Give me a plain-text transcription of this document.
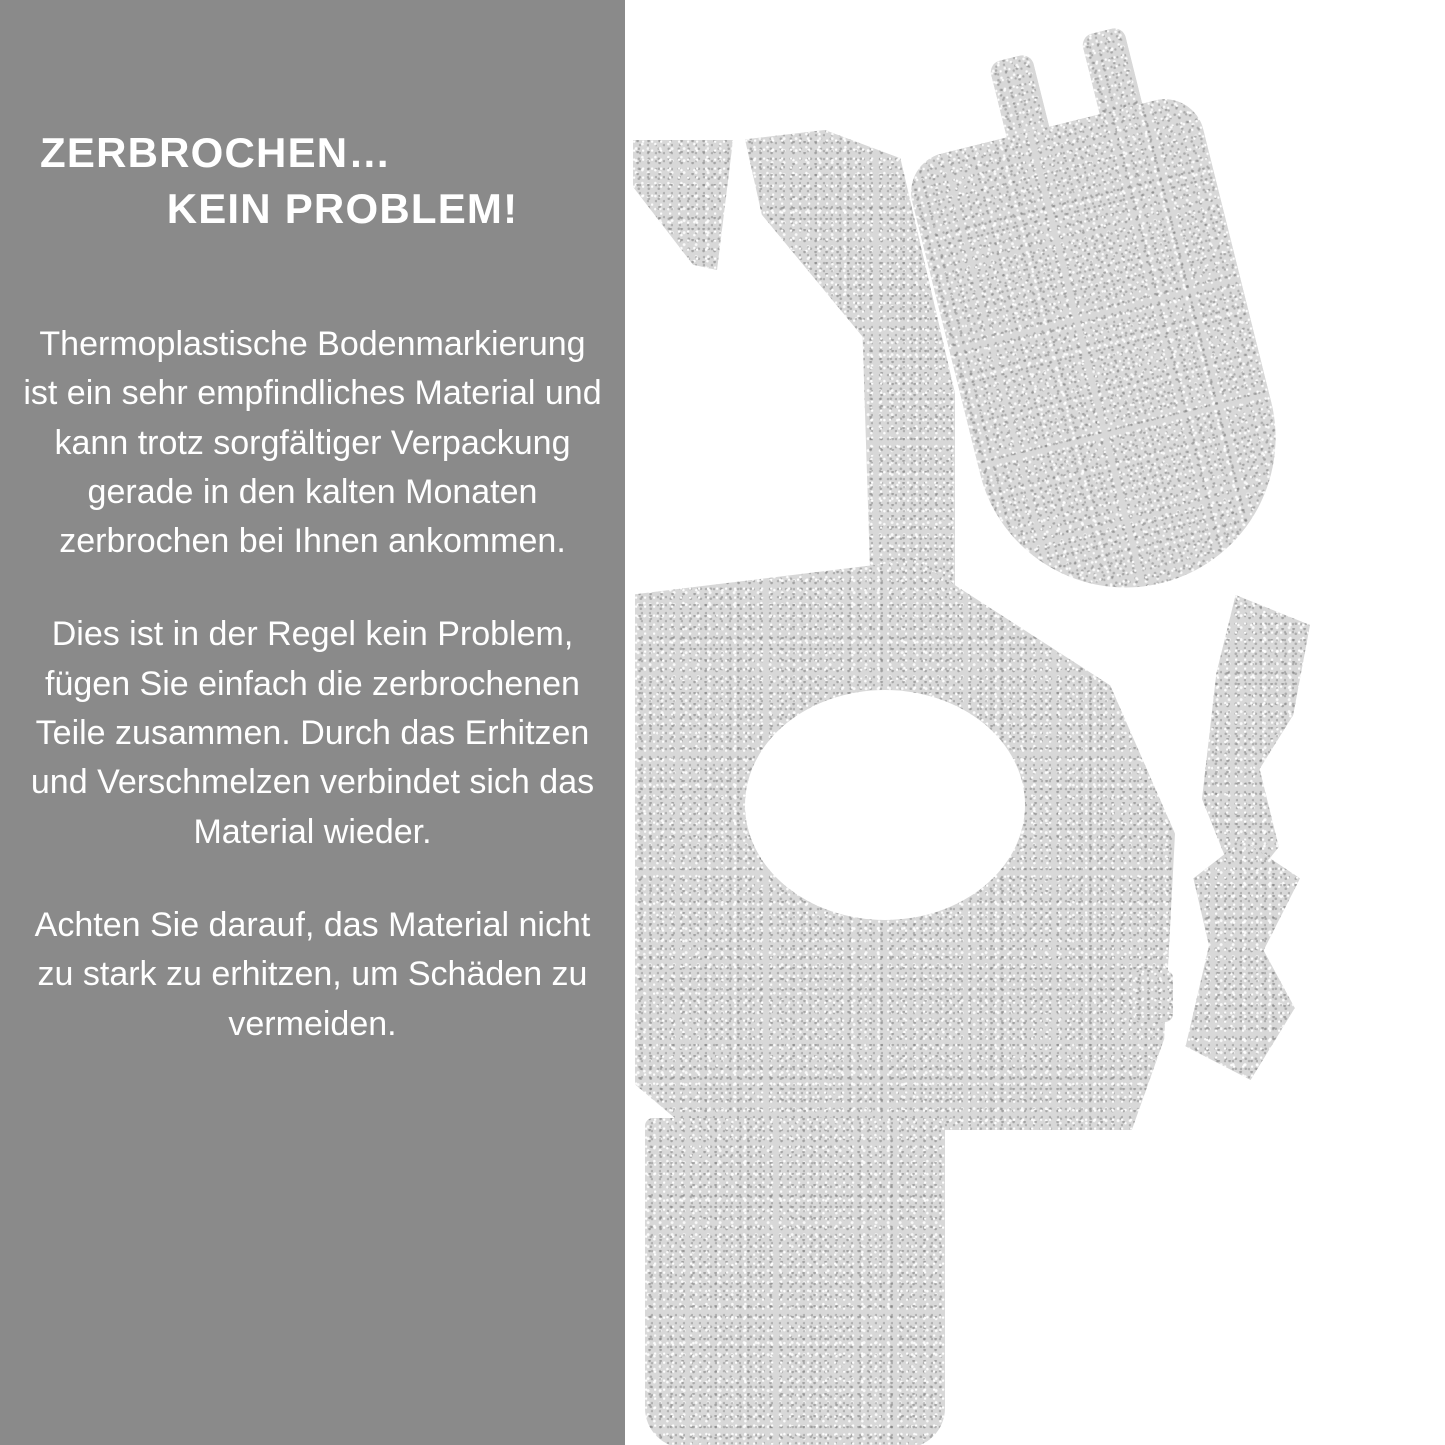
ZERBROCHEN…
KEIN PROBLEM!

Thermoplastische Bodenmarkierung ist ein sehr empfindliches Material und kann trotz sorgfältiger Verpackung gerade in den kalten Monaten zerbrochen bei Ihnen ankommen.

Dies ist in der Regel kein Problem, fügen Sie einfach die zerbrochenen Teile zusammen. Durch das Erhitzen und Verschmelzen verbindet sich das Material wieder.

Achten Sie darauf, das Material nicht zu stark zu erhitzen, um Schäden zu vermeiden.
